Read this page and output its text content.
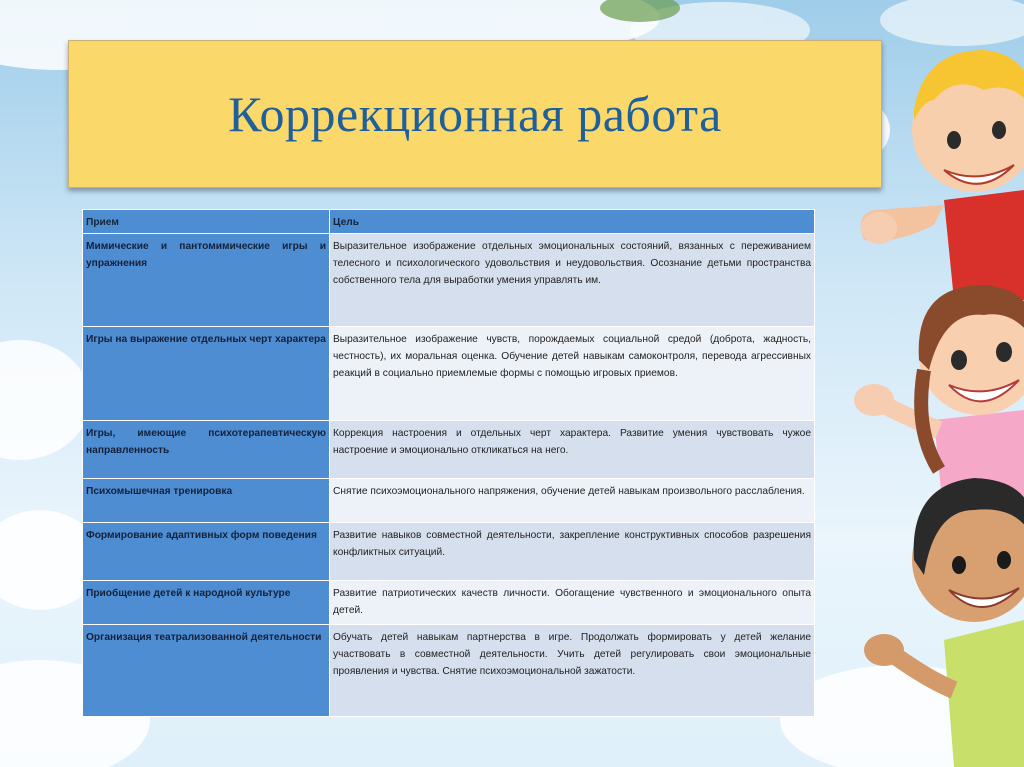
Коррекционная работа
Прием	Цель
Мимические и пантомимические игры и упражнения	Выразительное изображение отдельных эмоциональных состояний, вязанных с переживанием телесного и психологического удовольствия и неудовольствия. Осознание детьми пространства собственного тела для выработки умения управлять им.
Игры на выражение отдельных черт характера	Выразительное изображение чувств, порождаемых социальной средой (доброта, жадность, честность), их моральная оценка. Обучение детей навыкам самоконтроля, перевода агрессивных реакций в социально приемлемые формы с помощью игровых приемов.
Игры, имеющие психотерапевтическую направленность	Коррекция настроения и отдельных черт характера. Развитие умения чувствовать чужое настроение и эмоционально откликаться на него.
Психомышечная тренировка	Снятие психоэмоционального напряжения, обучение детей навыкам произвольного расслабления.
Формирование адаптивных форм поведения	Развитие навыков совместной деятельности, закрепление конструктивных способов разрешения конфликтных ситуаций.
Приобщение детей к народной культуре	Развитие патриотических качеств личности. Обогащение чувственного и эмоционального опыта детей.
Организация театрализованной деятельности	Обучать детей навыкам партнерства в игре. Продолжать формировать у детей желание участвовать в совместной деятельности. Учить детей регулировать свои эмоциональные проявления и чувства. Снятие психоэмоциональной зажатости.
